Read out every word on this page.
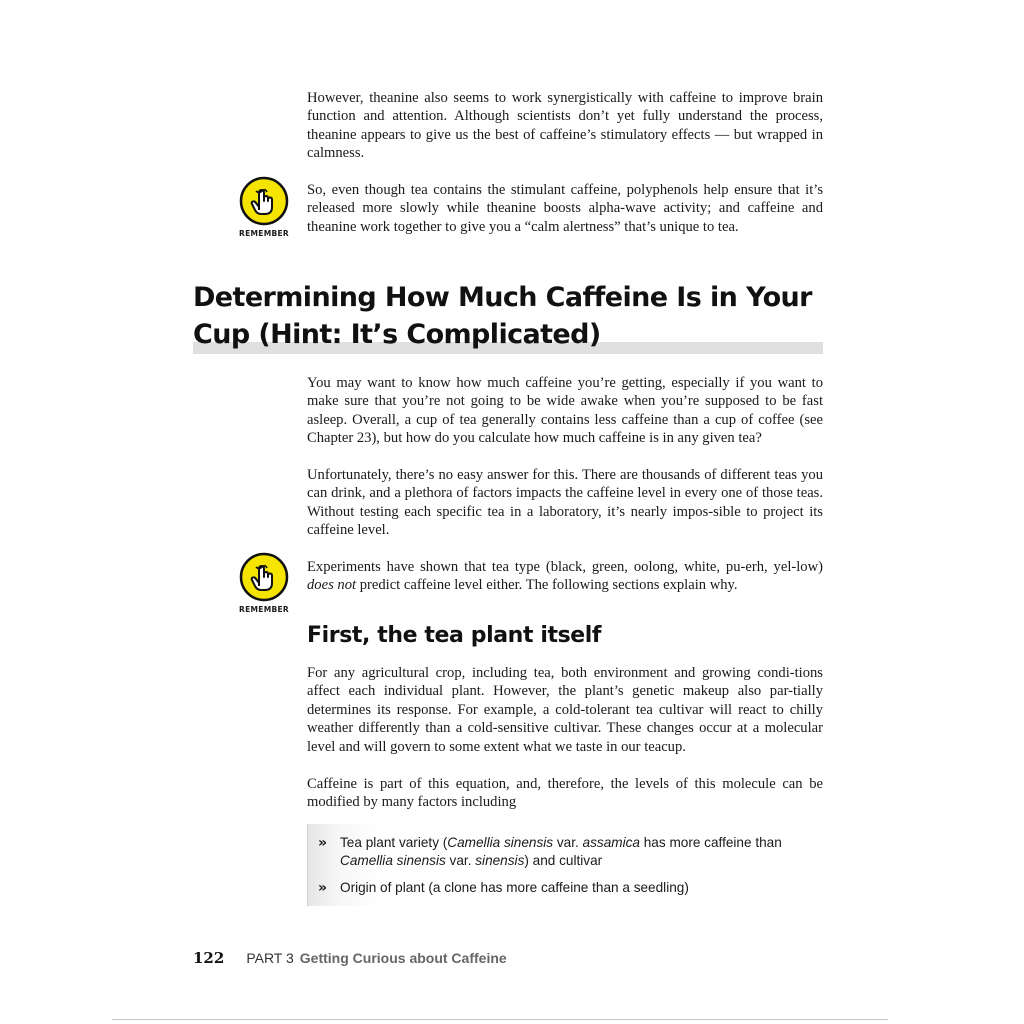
However, theanine also seems to work synergistically with caffeine to improve brain function and attention. Although scientists don’t yet fully understand the process, theanine appears to give us the best of caffeine’s stimulatory effects — but wrapped in calmness.

REMEMBER

So, even though tea contains the stimulant caffeine, polyphenols help ensure that it’s released more slowly while theanine boosts alpha-wave activity; and caffeine and theanine work together to give you a “calm alertness” that’s unique to tea.

Determining How Much Caffeine Is in Your Cup (Hint: It’s Complicated)

You may want to know how much caffeine you’re getting, especially if you want to make sure that you’re not going to be wide awake when you’re supposed to be fast asleep. Overall, a cup of tea generally contains less caffeine than a cup of coffee (see Chapter 23), but how do you calculate how much caffeine is in any given tea?

Unfortunately, there’s no easy answer for this. There are thousands of different teas you can drink, and a plethora of factors impacts the caffeine level in every one of those teas. Without testing each specific tea in a laboratory, it’s nearly impos-sible to project its caffeine level.

REMEMBER

Experiments have shown that tea type (black, green, oolong, white, pu-erh, yel-low) does not predict caffeine level either. The following sections explain why.

First, the tea plant itself

For any agricultural crop, including tea, both environment and growing condi-tions affect each individual plant. However, the plant’s genetic makeup also par-tially determines its response. For example, a cold-tolerant tea cultivar will react to chilly weather differently than a cold-sensitive cultivar. These changes occur at a molecular level and will govern to some extent what we taste in our teacup.

Caffeine is part of this equation, and, therefore, the levels of this molecule can be modified by many factors including

» Tea plant variety (Camellia sinensis var. assamica has more caffeine than Camellia sinensis var. sinensis) and cultivar
» Origin of plant (a clone has more caffeine than a seedling)
122 PART 3 Getting Curious about Caffeine
